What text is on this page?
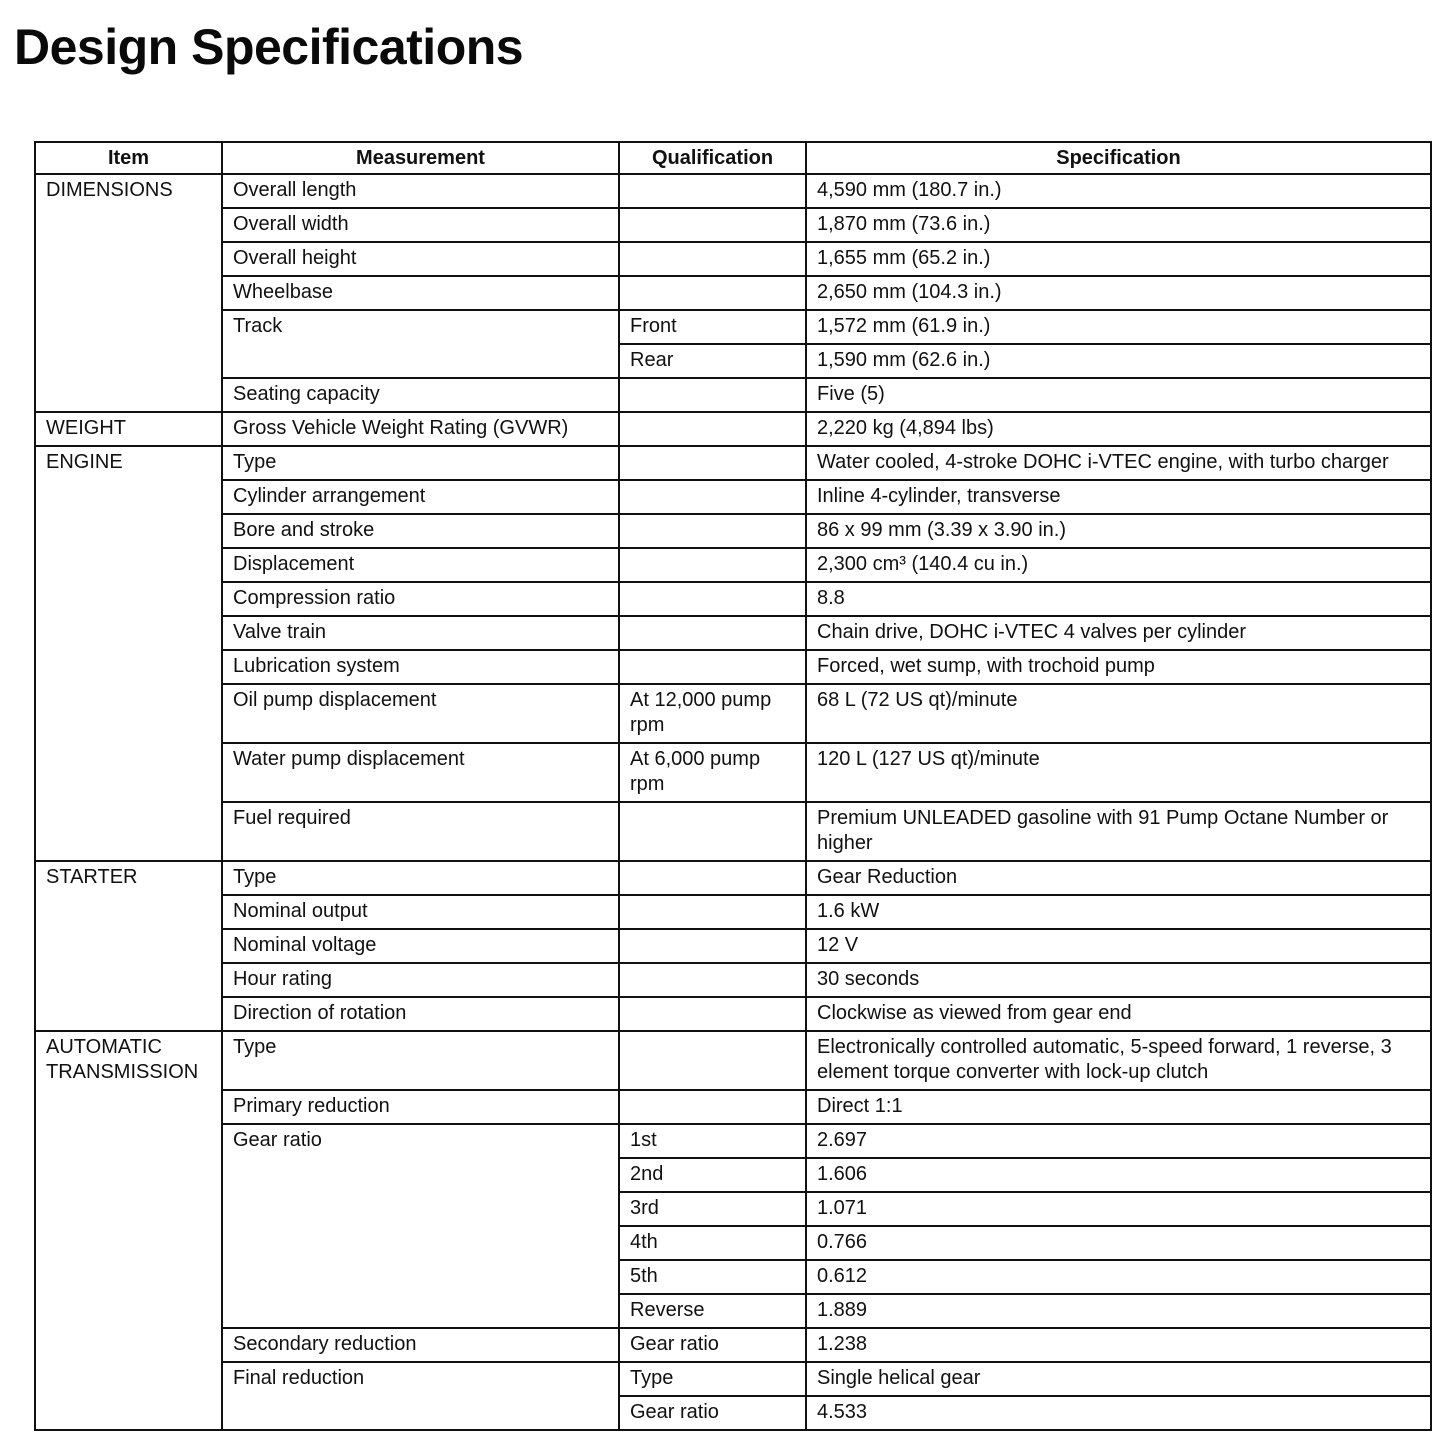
Design Specifications
Item	Measurement	Qualification	Specification
DIMENSIONS	Overall length		4,590 mm (180.7 in.)
	Overall width		1,870 mm (73.6 in.)
	Overall height		1,655 mm (65.2 in.)
	Wheelbase		2,650 mm (104.3 in.)
	Track	Front	1,572 mm (61.9 in.)
		Rear	1,590 mm (62.6 in.)
	Seating capacity		Five (5)
WEIGHT	Gross Vehicle Weight Rating (GVWR)		2,220 kg (4,894 lbs)
ENGINE	Type		Water cooled, 4-stroke DOHC i-VTEC engine, with turbo charger
	Cylinder arrangement		Inline 4-cylinder, transverse
	Bore and stroke		86 x 99 mm (3.39 x 3.90 in.)
	Displacement		2,300 cm³ (140.4 cu in.)
	Compression ratio		8.8
	Valve train		Chain drive, DOHC i-VTEC 4 valves per cylinder
	Lubrication system		Forced, wet sump, with trochoid pump
	Oil pump displacement	At 12,000 pump rpm	68 L (72 US qt)/minute
	Water pump displacement	At 6,000 pump rpm	120 L (127 US qt)/minute
	Fuel required		Premium UNLEADED gasoline with 91 Pump Octane Number or higher
STARTER	Type		Gear Reduction
	Nominal output		1.6 kW
	Nominal voltage		12 V
	Hour rating		30 seconds
	Direction of rotation		Clockwise as viewed from gear end
AUTOMATIC TRANSMISSION	Type		Electronically controlled automatic, 5-speed forward, 1 reverse, 3 element torque converter with lock-up clutch
	Primary reduction		Direct 1:1
	Gear ratio	1st	2.697
		2nd	1.606
		3rd	1.071
		4th	0.766
		5th	0.612
		Reverse	1.889
	Secondary reduction	Gear ratio	1.238
	Final reduction	Type	Single helical gear
		Gear ratio	4.533
